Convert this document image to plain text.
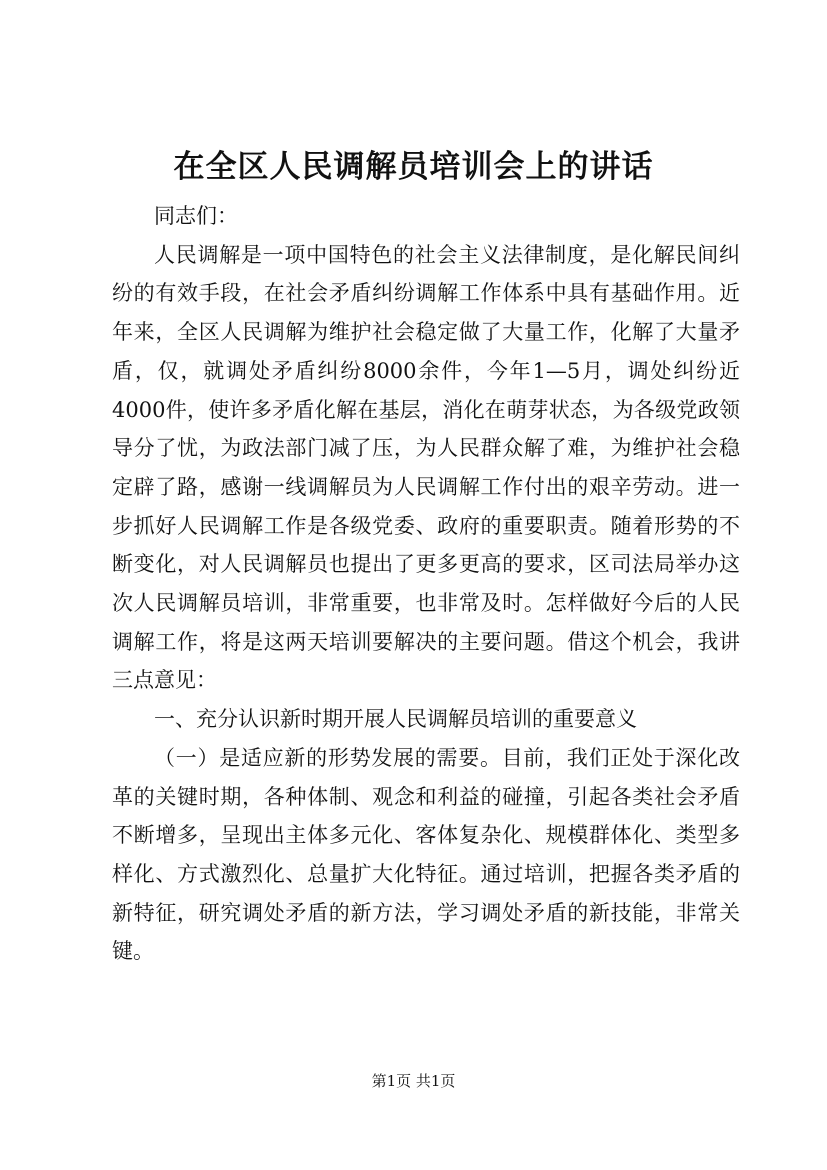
在全区人民调解员培训会上的讲话

同志们：

人民调解是一项中国特色的社会主义法律制度，是化解民间纠纷的有效手段，在社会矛盾纠纷调解工作体系中具有基础作用。近年来，全区人民调解为维护社会稳定做了大量工作，化解了大量矛盾，仅，就调处矛盾纠纷8000余件，今年1—5月，调处纠纷近4000件，使许多矛盾化解在基层，消化在萌芽状态，为各级党政领导分了忧，为政法部门减了压，为人民群众解了难，为维护社会稳定辟了路，感谢一线调解员为人民调解工作付出的艰辛劳动。进一步抓好人民调解工作是各级党委、政府的重要职责。随着形势的不断变化，对人民调解员也提出了更多更高的要求，区司法局举办这次人民调解员培训，非常重要，也非常及时。怎样做好今后的人民调解工作，将是这两天培训要解决的主要问题。借这个机会，我讲三点意见：

一、充分认识新时期开展人民调解员培训的重要意义

（一）是适应新的形势发展的需要。目前，我们正处于深化改革的关键时期，各种体制、观念和利益的碰撞，引起各类社会矛盾不断增多，呈现出主体多元化、客体复杂化、规模群体化、类型多样化、方式激烈化、总量扩大化特征。通过培训，把握各类矛盾的新特征，研究调处矛盾的新方法，学习调处矛盾的新技能，非常关键。

第1页 共1页
